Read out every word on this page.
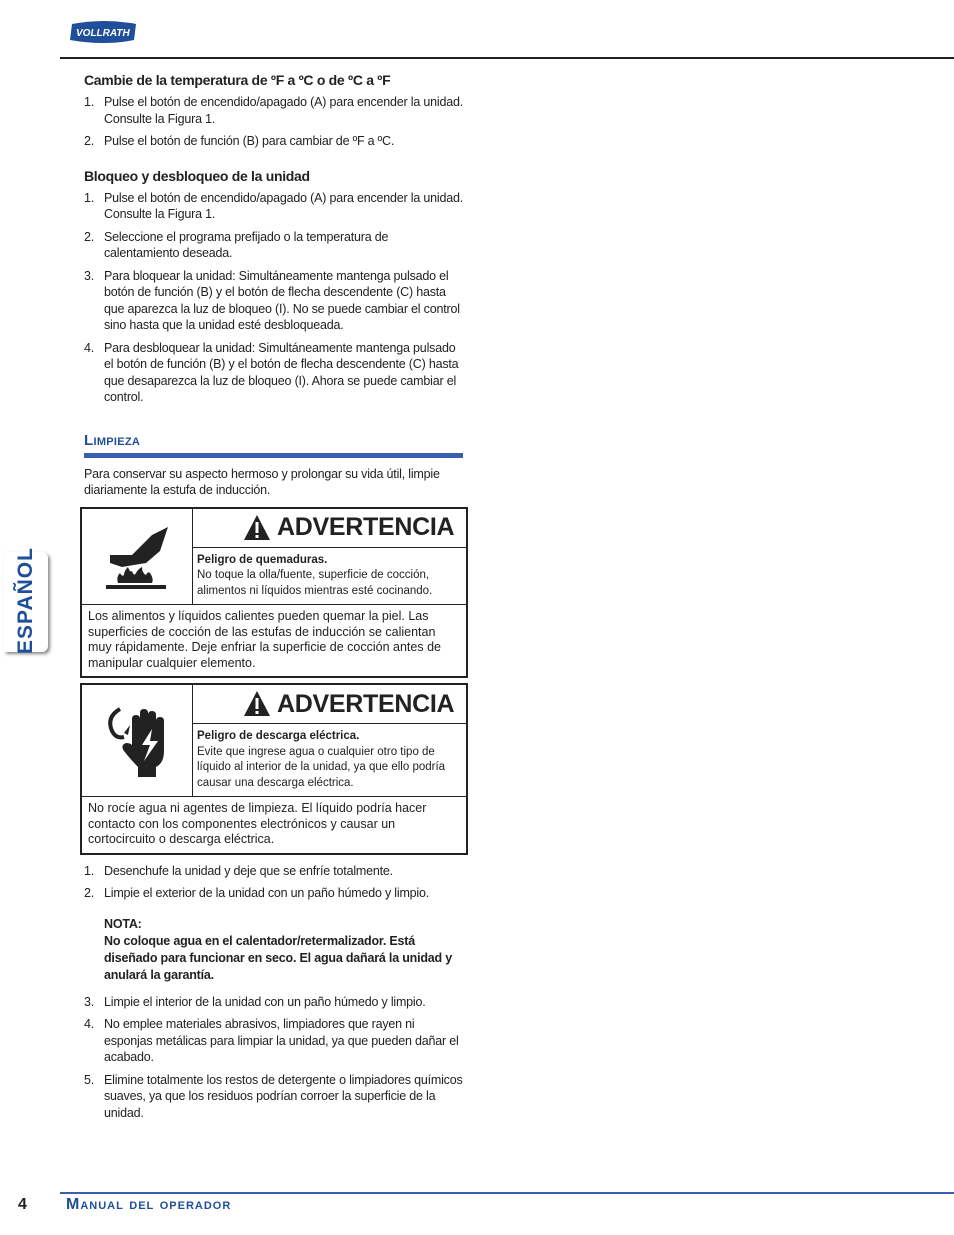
VOLLRATH
ESPAÑOL
Cambie de la temperatura de ºF a ºC o de ºC a ºF
1. Pulse el botón de encendido/apagado (A) para encender la unidad. Consulte la Figura 1.
2. Pulse el botón de función (B) para cambiar de ºF a ºC.
Bloqueo y desbloqueo de la unidad
1. Pulse el botón de encendido/apagado (A) para encender la unidad. Consulte la Figura 1.
2. Seleccione el programa prefijado o la temperatura de calentamiento deseada.
3. Para bloquear la unidad: Simultáneamente mantenga pulsado el botón de función (B) y el botón de flecha descendente (C) hasta que aparezca la luz de bloqueo (I). No se puede cambiar el control sino hasta que la unidad esté desbloqueada.
4. Para desbloquear la unidad: Simultáneamente mantenga pulsado el botón de función (B) y el botón de flecha descendente (C) hasta que desaparezca la luz de bloqueo (I). Ahora se puede cambiar el control.
Limpieza
Para conservar su aspecto hermoso y prolongar su vida útil, limpie diariamente la estufa de inducción.
ADVERTENCIA
Peligro de quemaduras.
No toque la olla/fuente, superficie de cocción, alimentos ni líquidos mientras esté cocinando.
Los alimentos y líquidos calientes pueden quemar la piel. Las superficies de cocción de las estufas de inducción se calientan muy rápidamente. Deje enfriar la superficie de cocción antes de manipular cualquier elemento.
ADVERTENCIA
Peligro de descarga eléctrica.
Evite que ingrese agua o cualquier otro tipo de líquido al interior de la unidad, ya que ello podría causar una descarga eléctrica.
No rocíe agua ni agentes de limpieza. El líquido podría hacer contacto con los componentes electrónicos y causar un cortocircuito o descarga eléctrica.
1. Desenchufe la unidad y deje que se enfríe totalmente.
2. Limpie el exterior de la unidad con un paño húmedo y limpio.
NOTA:
No coloque agua en el calentador/retermalizador. Está diseñado para funcionar en seco. El agua dañará la unidad y anulará la garantía.
3. Limpie el interior de la unidad con un paño húmedo y limpio.
4. No emplee materiales abrasivos, limpiadores que rayen ni esponjas metálicas para limpiar la unidad, ya que pueden dañar el acabado.
5. Elimine totalmente los restos de detergente o limpiadores químicos suaves, ya que los residuos podrían corroer la superficie de la unidad.
4 Manual del operador
